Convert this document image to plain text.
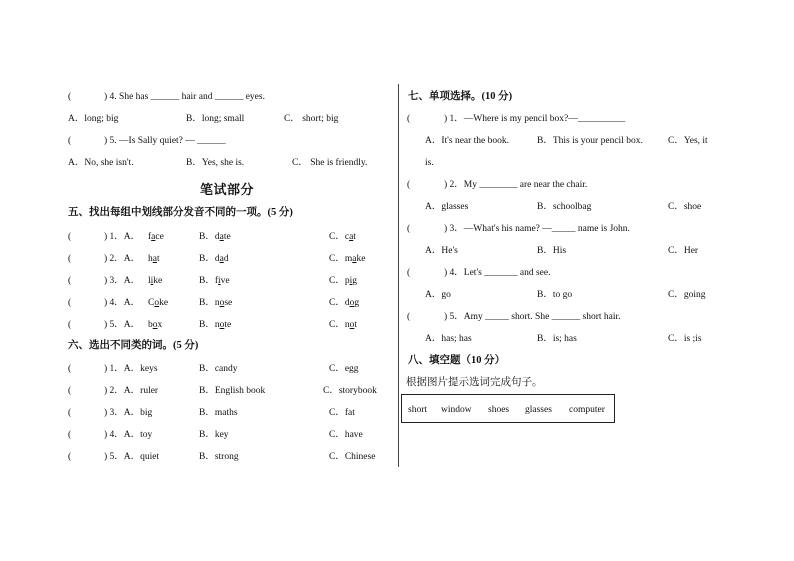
(	) 4. She has ______ hair and ______ eyes.
A．long; big	B．long; small	C． short; big
(	) 5. —Is Sally quiet? — ______
A．No, she isn't.	B．Yes, she is.	C． She is friendly.
笔试部分
五、找出每组中划线部分发音不同的一项。(5 分)
(	) 1．A． face	B．date	C．cat
(	) 2．A． hat	B．dad	C．make
(	) 3．A． like	B．five	C．pig
(	) 4．A． Coke	B．nose	C．dog
(	) 5．A． box	B．note	C．not
六、选出不同类的词。(5 分)
(	) 1．A．keys	B．candy	C．egg
(	) 2．A．ruler	B．English book	C．storybook
(	) 3．A．big	B．maths	C．fat
(	) 4．A．toy	B．key	C．have
(	) 5．A．quiet	B．strong	C．Chinese
七、单项选择。(10 分)
(	) 1．—Where is my pencil box?—__________
A．It's near the book.	B．This is your pencil box.	C．Yes, it
is.
(	) 2．My ________ are near the chair.
A．glasses	B．schoolbag	C．shoe
(	) 3．—What's his name? —_____ name is John.
A．He's	B．His	C．Her
(	) 4．Let's _______ and see.
A．go	B．to go	C．going
(	) 5．Amy _____ short. She ______ short hair.
A．has; has	B．is; has	C．is ;is
八、填空题（10 分）
根据图片提示选词完成句子。
short window shoes glasses computer
